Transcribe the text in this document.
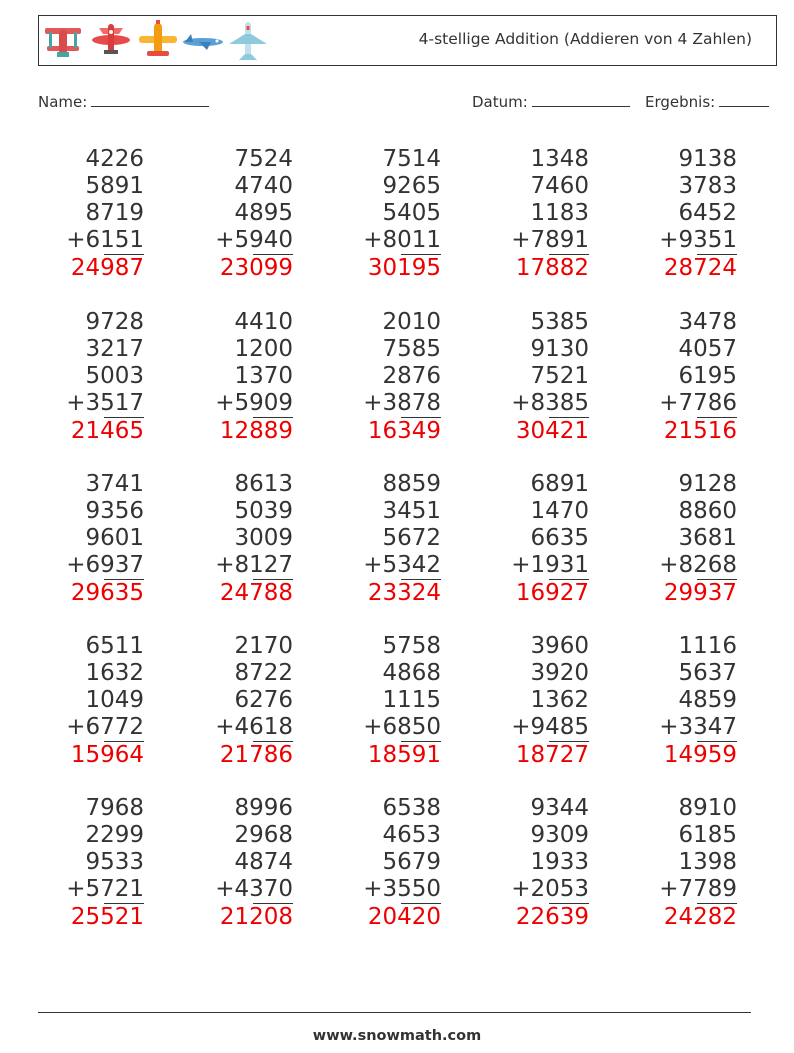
4-stellige Addition (Addieren von 4 Zahlen)
Name:	Datum:	Ergebnis:
4226
5891
8719
+6151
24987
7524
4740
4895
+5940
23099
7514
9265
5405
+8011
30195
1348
7460
1183
+7891
17882
9138
3783
6452
+9351
28724
9728
3217
5003
+3517
21465
4410
1200
1370
+5909
12889
2010
7585
2876
+3878
16349
5385
9130
7521
+8385
30421
3478
4057
6195
+7786
21516
3741
9356
9601
+6937
29635
8613
5039
3009
+8127
24788
8859
3451
5672
+5342
23324
6891
1470
6635
+1931
16927
9128
8860
3681
+8268
29937
6511
1632
1049
+6772
15964
2170
8722
6276
+4618
21786
5758
4868
1115
+6850
18591
3960
3920
1362
+9485
18727
1116
5637
4859
+3347
14959
7968
2299
9533
+5721
25521
8996
2968
4874
+4370
21208
6538
4653
5679
+3550
20420
9344
9309
1933
+2053
22639
8910
6185
1398
+7789
24282
www.snowmath.com
